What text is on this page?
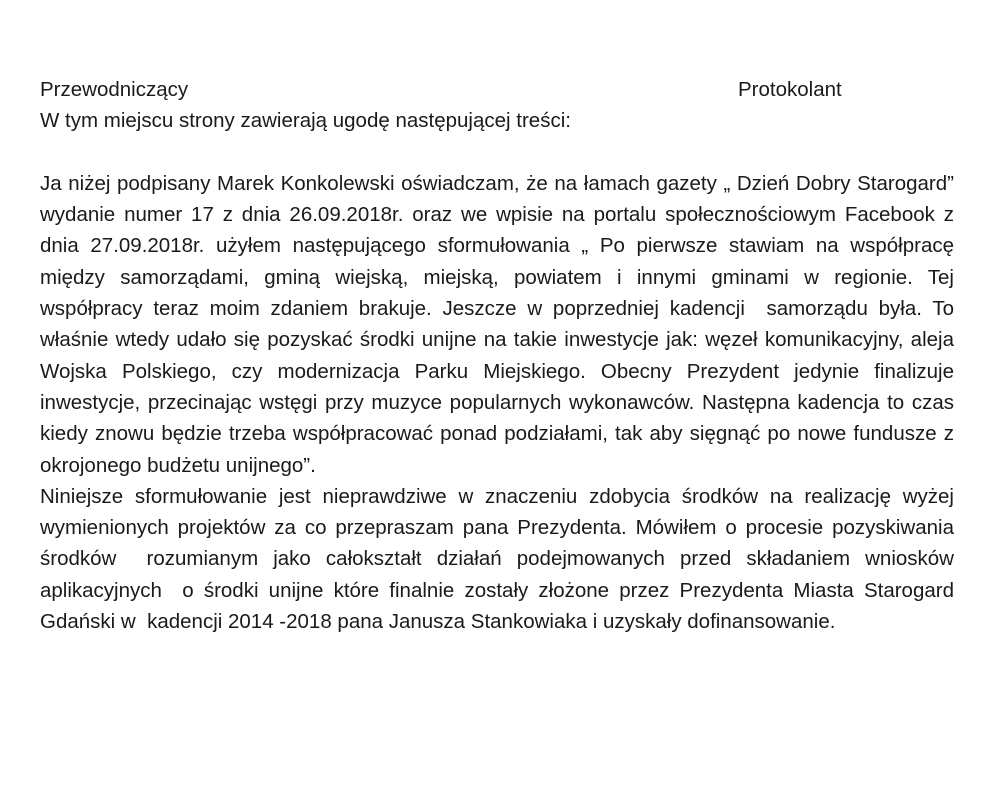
Przewodniczący	Protokolant
W tym miejscu strony zawierają ugodę następującej treści:

Ja niżej podpisany Marek Konkolewski oświadczam, że na łamach gazety „ Dzień Dobry Starogard” wydanie numer 17 z dnia 26.09.2018r. oraz we wpisie na portalu społecznościowym Facebook z dnia 27.09.2018r. użyłem następującego sformułowania „ Po pierwsze stawiam na współpracę między samorządami, gminą wiejską, miejską, powiatem i innymi gminami w regionie. Tej współpracy teraz moim zdaniem brakuje. Jeszcze w poprzedniej kadencji  samorządu była. To właśnie wtedy udało się pozyskać środki unijne na takie inwestycje jak: węzeł komunikacyjny, aleja Wojska Polskiego, czy modernizacja Parku Miejskiego. Obecny Prezydent jedynie finalizuje inwestycje, przecinając wstęgi przy muzyce popularnych wykonawców. Następna kadencja to czas kiedy znowu będzie trzeba współpracować ponad podziałami, tak aby sięgnąć po nowe fundusze z okrojonego budżetu unijnego”.

Niniejsze sformułowanie jest nieprawdziwe w znaczeniu zdobycia środków na realizację wyżej wymienionych projektów za co przepraszam pana Prezydenta. Mówiłem o procesie pozyskiwania środków  rozumianym jako całokształt działań podejmowanych przed składaniem wniosków aplikacyjnych  o środki unijne które finalnie zostały złożone przez Prezydenta Miasta Starogard Gdański w  kadencji 2014 -2018 pana Janusza Stankowiaka i uzyskały dofinansowanie.
